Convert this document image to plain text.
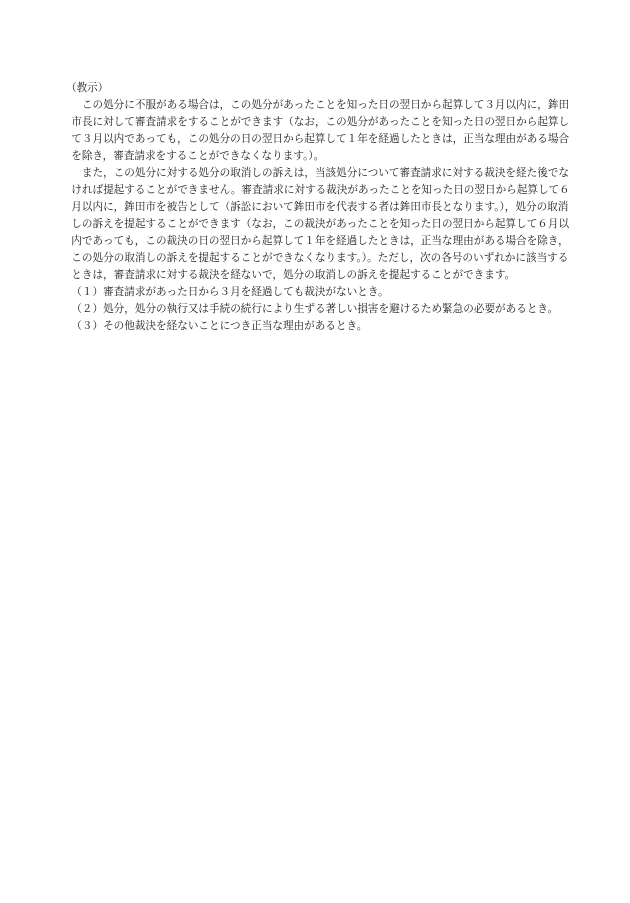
（教示）

この処分に不服がある場合は，この処分があったことを知った日の翌日から起算して３月以内に，鉾田市長に対して審査請求をすることができます（なお，この処分があったことを知った日の翌日から起算して３月以内であっても，この処分の日の翌日から起算して１年を経過したときは，正当な理由がある場合を除き，審査請求をすることができなくなります。）。

また，この処分に対する処分の取消しの訴えは，当該処分について審査請求に対する裁決を経た後でなければ提起することができません。審査請求に対する裁決があったことを知った日の翌日から起算して６月以内に，鉾田市を被告として（訴訟において鉾田市を代表する者は鉾田市長となります。），処分の取消しの訴えを提起することができます（なお，この裁決があったことを知った日の翌日から起算して６月以内であっても，この裁決の日の翌日から起算して１年を経過したときは，正当な理由がある場合を除き，この処分の取消しの訴えを提起することができなくなります。）。ただし，次の各号のいずれかに該当するときは，審査請求に対する裁決を経ないで，処分の取消しの訴えを提起することができます。

（１）審査請求があった日から３月を経過しても裁決がないとき。

（２）処分，処分の執行又は手続の続行により生ずる著しい損害を避けるため緊急の必要があるとき。

（３）その他裁決を経ないことにつき正当な理由があるとき。
